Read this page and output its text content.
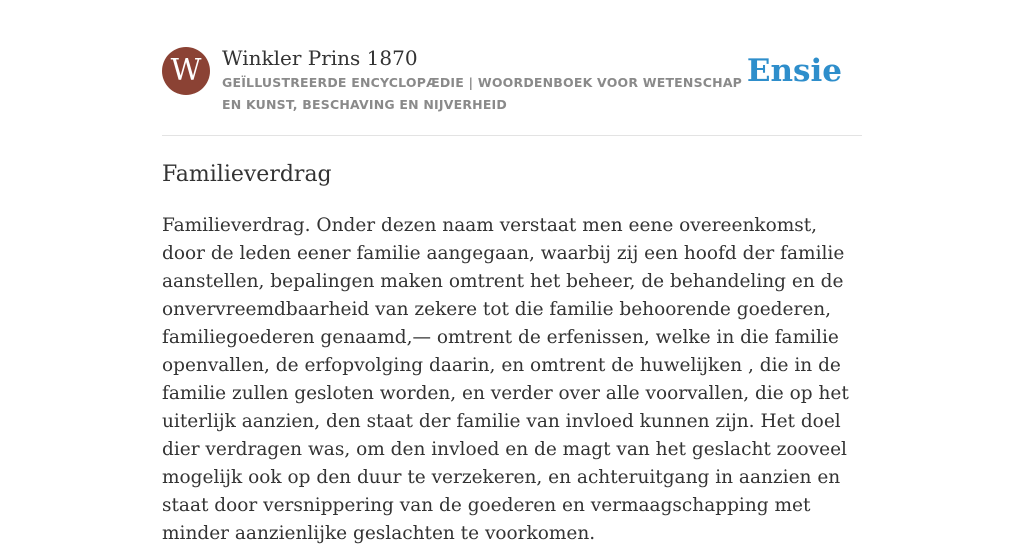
W	Winkler Prins 1870
GEÏLLUSTREERDE ENCYCLOPÆDIE | WOORDENBOEK VOOR WETENSCHAP EN KUNST, BESCHAVING EN NIJVERHEID
Ensie
Familieverdrag

Familieverdrag. Onder dezen naam verstaat men eene overeenkomst, door de leden eener familie aangegaan, waarbij zij een hoofd der familie aanstellen, bepalingen maken omtrent het beheer, de behandeling en de onvervreemdbaarheid van zekere tot die familie behoorende goederen, familiegoederen genaamd,— omtrent de erfenissen, welke in die familie openvallen, de erfopvolging daarin, en omtrent de huwelijken , die in de familie zullen gesloten worden, en verder over alle voorvallen, die op het uiterlijk aanzien, den staat der familie van invloed kunnen zijn. Het doel dier verdragen was, om den invloed en de magt van het geslacht zooveel mogelijk ook op den duur te verzekeren, en achteruitgang in aanzien en staat door versnippering van de goederen en vermaagschapping met minder aanzienlijke geslachten te voorkomen.
